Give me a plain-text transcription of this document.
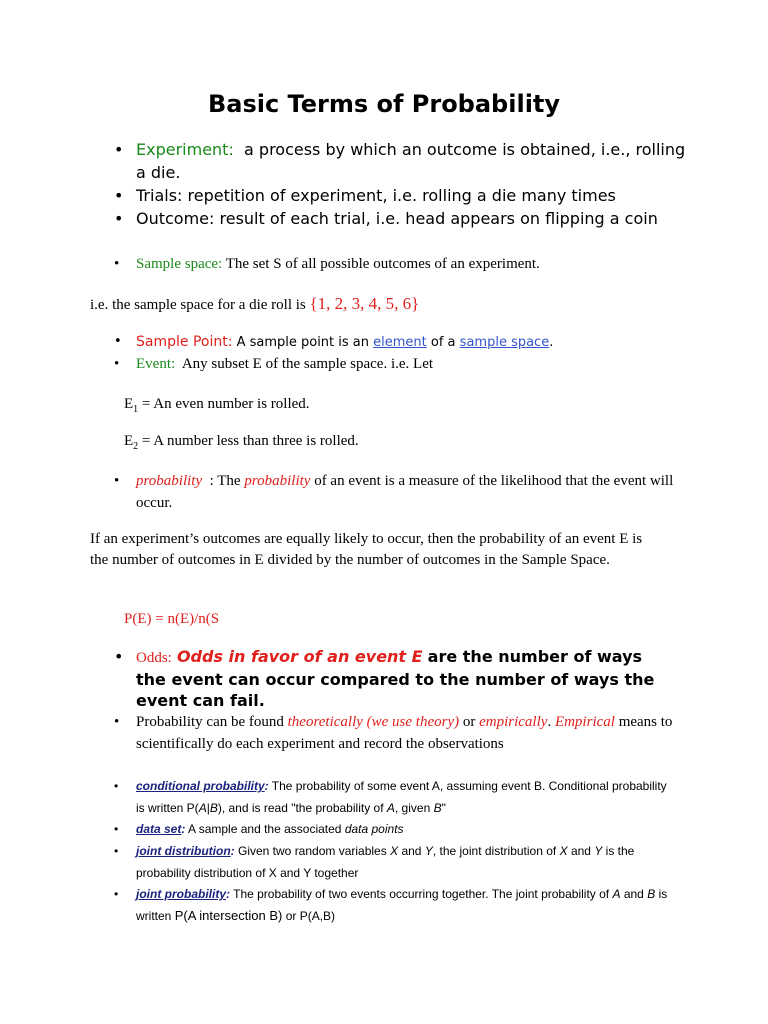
Basic Terms of Probability
• Experiment: a process by which an outcome is obtained, i.e., rolling a die.
• Trials: repetition of experiment, i.e. rolling a die many times
• Outcome: result of each trial, i.e. head appears on flipping a coin
• Sample space: The set S of all possible outcomes of an experiment.
i.e. the sample space for a die roll is {1, 2, 3, 4, 5, 6}
• Sample Point: A sample point is an element of a sample space.
• Event: Any subset E of the sample space. i.e. Let
$E_1 = An$ even number is rolled.
$E_2 = A$ number less than three is rolled.
• probability : The probability of an event is a measure of the likelihood that the event will occur.
If an experiment’s outcomes are equally likely to occur, then the probability of an event E is the number of outcomes in E divided by the number of outcomes in the Sample Space.
P(E) = n(E)/n(S
• Odds: Odds in favor of an event E are the number of ways the event can occur compared to the number of ways the event can fail.
• Probability can be found theoretically (we use theory) or empirically. Empirical means to scientifically do each experiment and record the observations
• conditional probability: The probability of some event A, assuming event B. Conditional probability is written P(A|B), and is read "the probability of A, given B"
• data set: A sample and the associated data points
• joint distribution: Given two random variables X and Y, the joint distribution of X and Y is the probability distribution of X and Y together
• joint probability: The probability of two events occurring together. The joint probability of A and B is written P(A intersection B) or P(A,B)
